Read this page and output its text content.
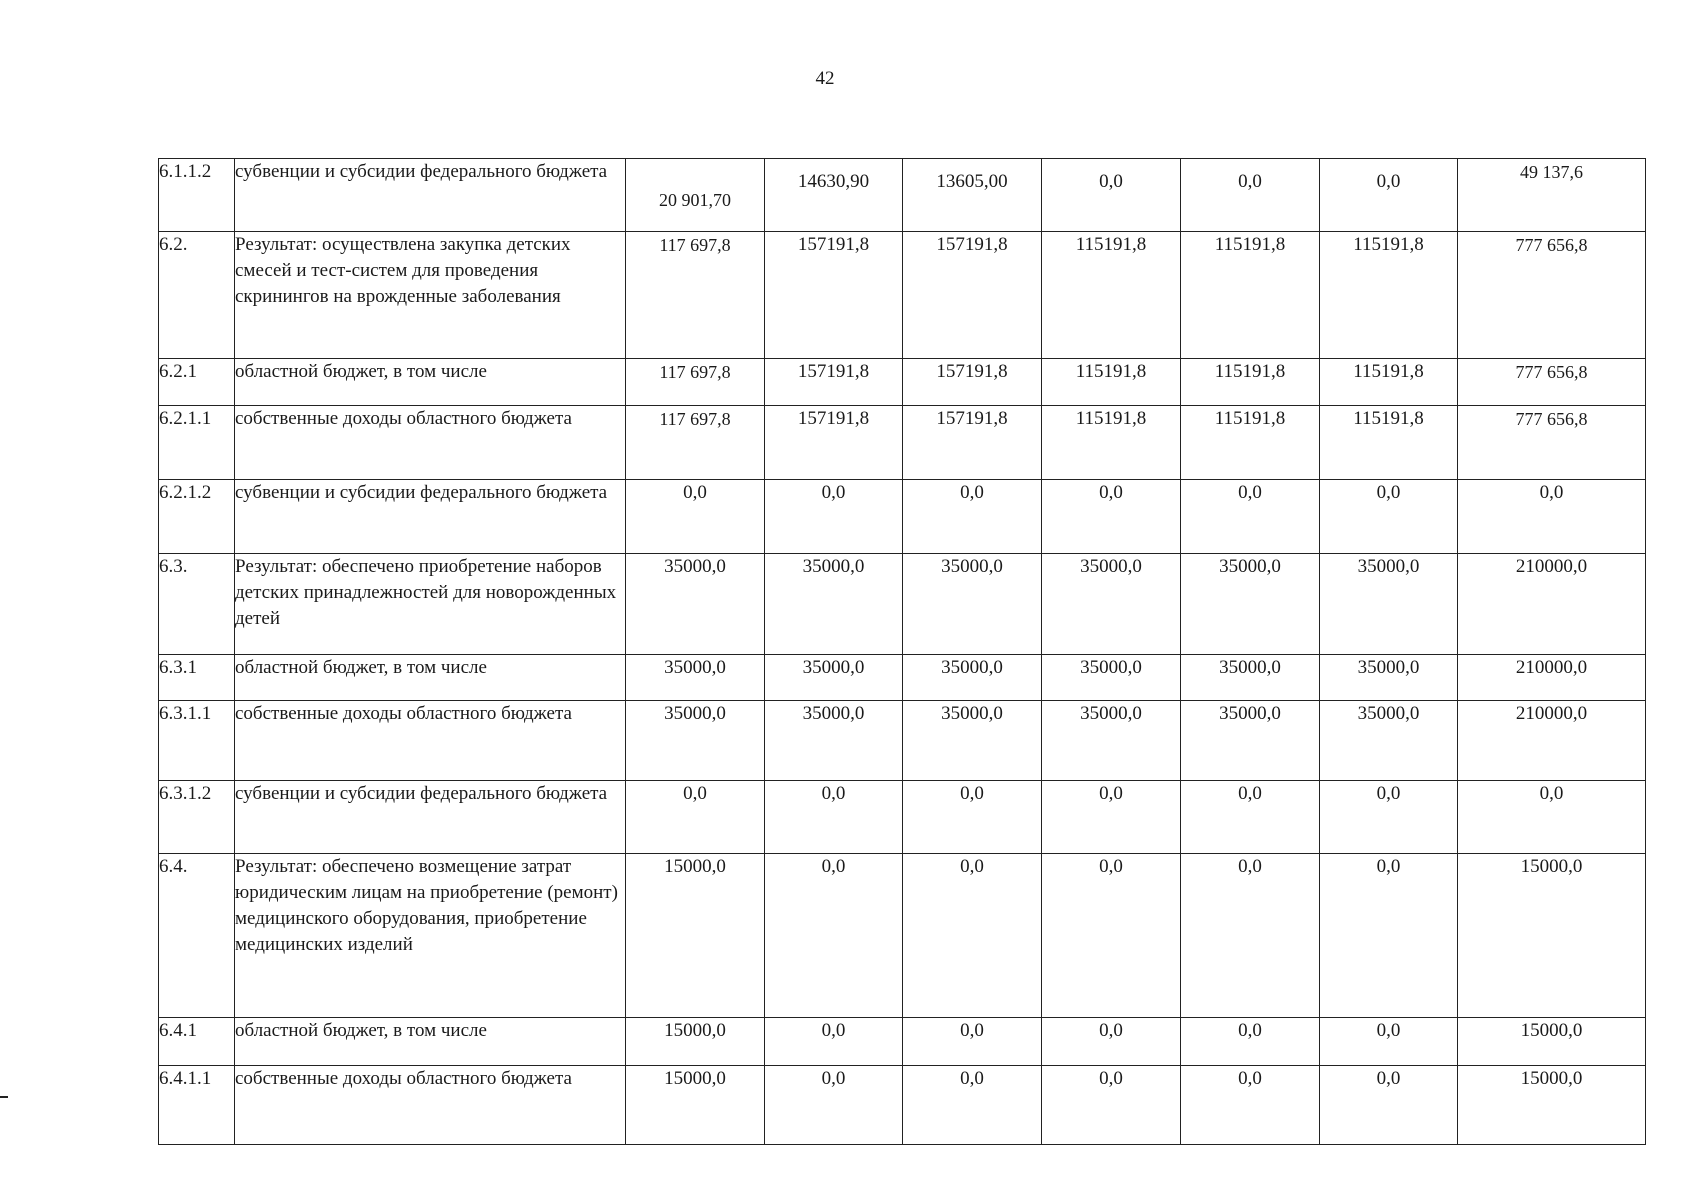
42
6.1.1.2	субвенции и субсидии федерального бюджета	20 901,70	14630,90	13605,00	0,0	0,0	0,0	49 137,6
6.2.	Результат: осуществлена закупка детских смесей и тест-систем для проведения скринингов на врожденные заболевания	117 697,8	157191,8	157191,8	115191,8	115191,8	115191,8	777 656,8
6.2.1	областной бюджет, в том числе	117 697,8	157191,8	157191,8	115191,8	115191,8	115191,8	777 656,8
6.2.1.1	собственные доходы областного бюджета	117 697,8	157191,8	157191,8	115191,8	115191,8	115191,8	777 656,8
6.2.1.2	субвенции и субсидии федерального бюджета	0,0	0,0	0,0	0,0	0,0	0,0	0,0
6.3.	Результат: обеспечено приобретение наборов детских принадлежностей для новорожденных детей	35000,0	35000,0	35000,0	35000,0	35000,0	35000,0	210000,0
6.3.1	областной бюджет, в том числе	35000,0	35000,0	35000,0	35000,0	35000,0	35000,0	210000,0
6.3.1.1	собственные доходы областного бюджета	35000,0	35000,0	35000,0	35000,0	35000,0	35000,0	210000,0
6.3.1.2	субвенции и субсидии федерального бюджета	0,0	0,0	0,0	0,0	0,0	0,0	0,0
6.4.	Результат: обеспечено возмещение затрат юридическим лицам на приобретение (ремонт) медицинского оборудования, приобретение медицинских изделий	15000,0	0,0	0,0	0,0	0,0	0,0	15000,0
6.4.1	областной бюджет, в том числе	15000,0	0,0	0,0	0,0	0,0	0,0	15000,0
6.4.1.1	собственные доходы областного бюджета	15000,0	0,0	0,0	0,0	0,0	0,0	15000,0
